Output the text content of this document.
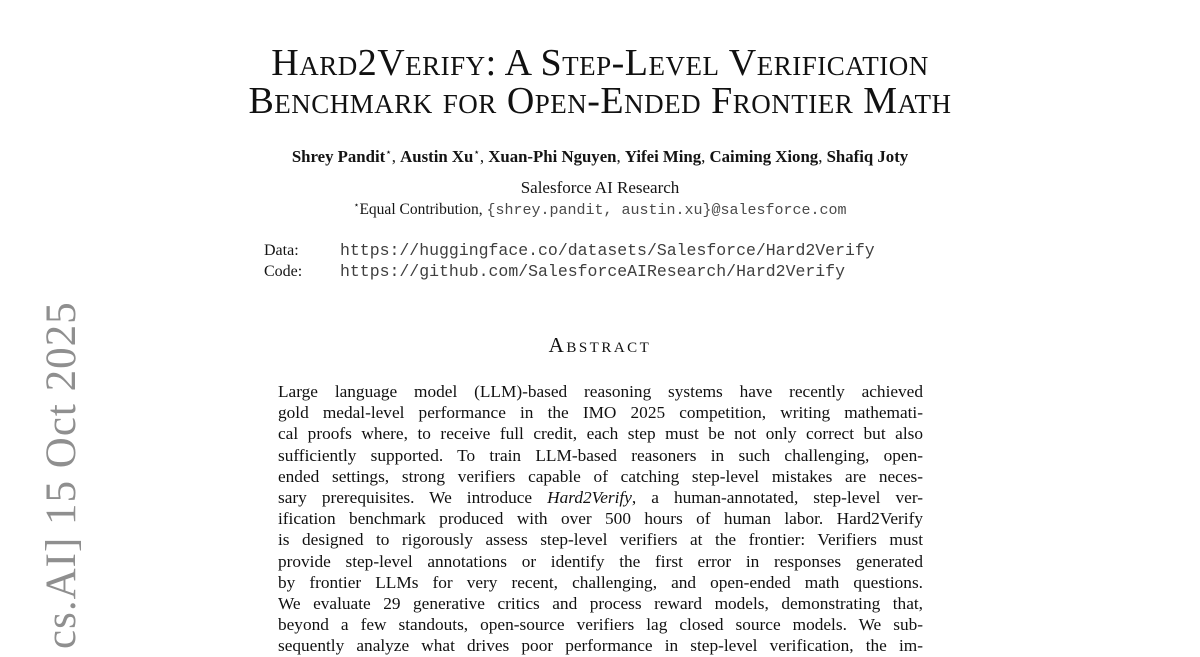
cs.AI] 15 Oct 2025
Hard2Verify: A Step-Level Verification
Benchmark for Open-Ended Frontier Math
Shrey Pandit⋆, Austin Xu⋆, Xuan-Phi Nguyen, Yifei Ming, Caiming Xiong, Shafiq Joty
Salesforce AI Research
⋆Equal Contribution, {shrey.pandit, austin.xu}@salesforce.com
Data:	https://huggingface.co/datasets/Salesforce/Hard2Verify
Code:	https://github.com/SalesforceAIResearch/Hard2Verify
Abstract
Large language model (LLM)-based reasoning systems have recently achieved
gold medal-level performance in the IMO 2025 competition, writing mathemati-
cal proofs where, to receive full credit, each step must be not only correct but also
sufficiently supported. To train LLM-based reasoners in such challenging, open-
ended settings, strong verifiers capable of catching step-level mistakes are neces-
sary prerequisites. We introduce Hard2Verify, a human-annotated, step-level ver-
ification benchmark produced with over 500 hours of human labor. Hard2Verify
is designed to rigorously assess step-level verifiers at the frontier: Verifiers must
provide step-level annotations or identify the first error in responses generated
by frontier LLMs for very recent, challenging, and open-ended math questions.
We evaluate 29 generative critics and process reward models, demonstrating that,
beyond a few standouts, open-source verifiers lag closed source models. We sub-
sequently analyze what drives poor performance in step-level verification, the im-
